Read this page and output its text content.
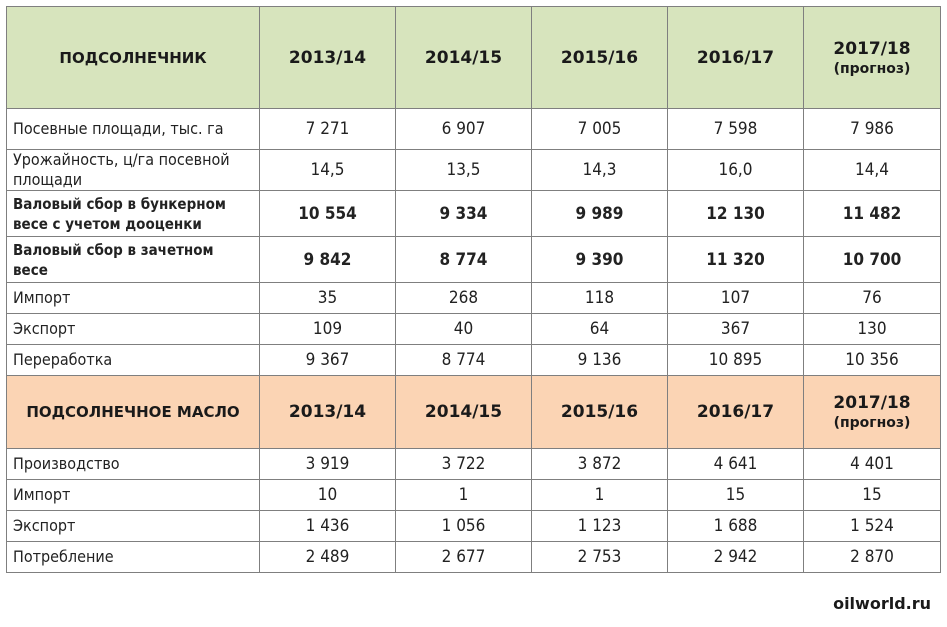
ПОДСОЛНЕЧНИК	2013/14	2014/15	2015/16	2016/17	2017/18
(прогноз)

Посевные площади, тыс. га	7 271	6 907	7 005	7 598	7 986
Урожайность, ц/га посевной площади	14,5	13,5	14,3	16,0	14,4
Валовый сбор в бункерном весе с учетом дооценки	10 554	9 334	9 989	12 130	11 482
Валовый сбор в зачетном весе	9 842	8 774	9 390	11 320	10 700
Импорт	35	268	118	107	76
Экспорт	109	40	64	367	130
Переработка	9 367	8 774	9 136	10 895	10 356
ПОДСОЛНЕЧНОЕ МАСЛО	2013/14	2014/15	2015/16	2016/17	2017/18
(прогноз)

Производство	3 919	3 722	3 872	4 641	4 401
Импорт	10	1	1	15	15
Экспорт	1 436	1 056	1 123	1 688	1 524
Потребление	2 489	2 677	2 753	2 942	2 870
oilworld.ru
